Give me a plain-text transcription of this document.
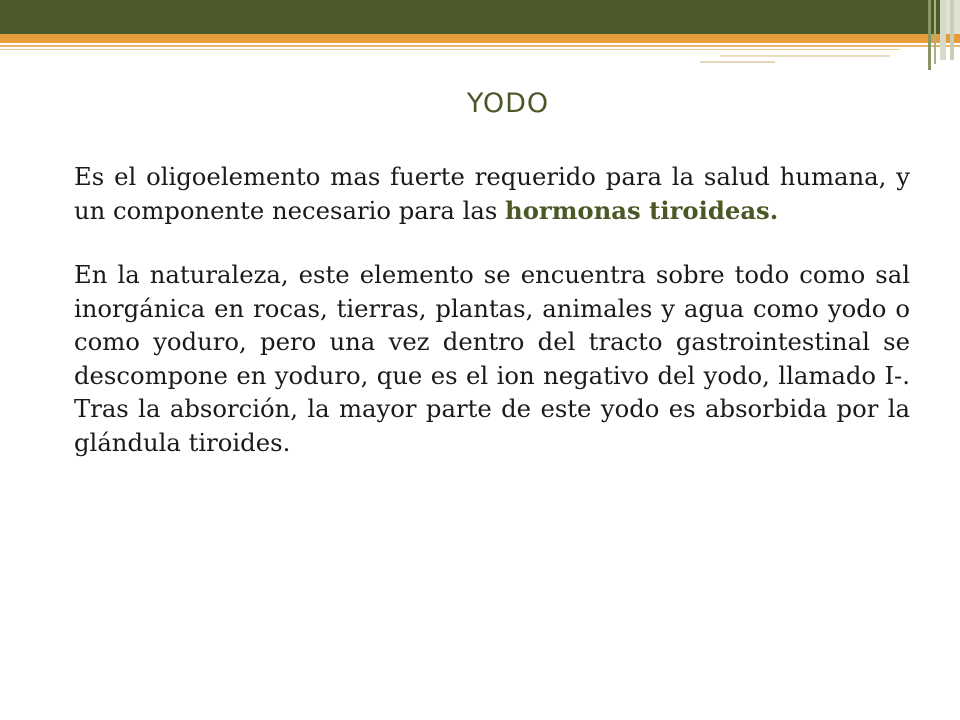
YODO

Es el oligoelemento mas fuerte requerido para la salud humana, y un componente necesario para las hormonas tiroideas.

En la naturaleza, este elemento se encuentra sobre todo como sal inorgánica en rocas, tierras, plantas, animales y agua como yodo o como yoduro, pero una vez dentro del tracto gastrointestinal se descompone en yoduro, que es el ion negativo del yodo, llamado I-. Tras la absorción, la mayor parte de este yodo es absorbida por la glándula tiroides.
